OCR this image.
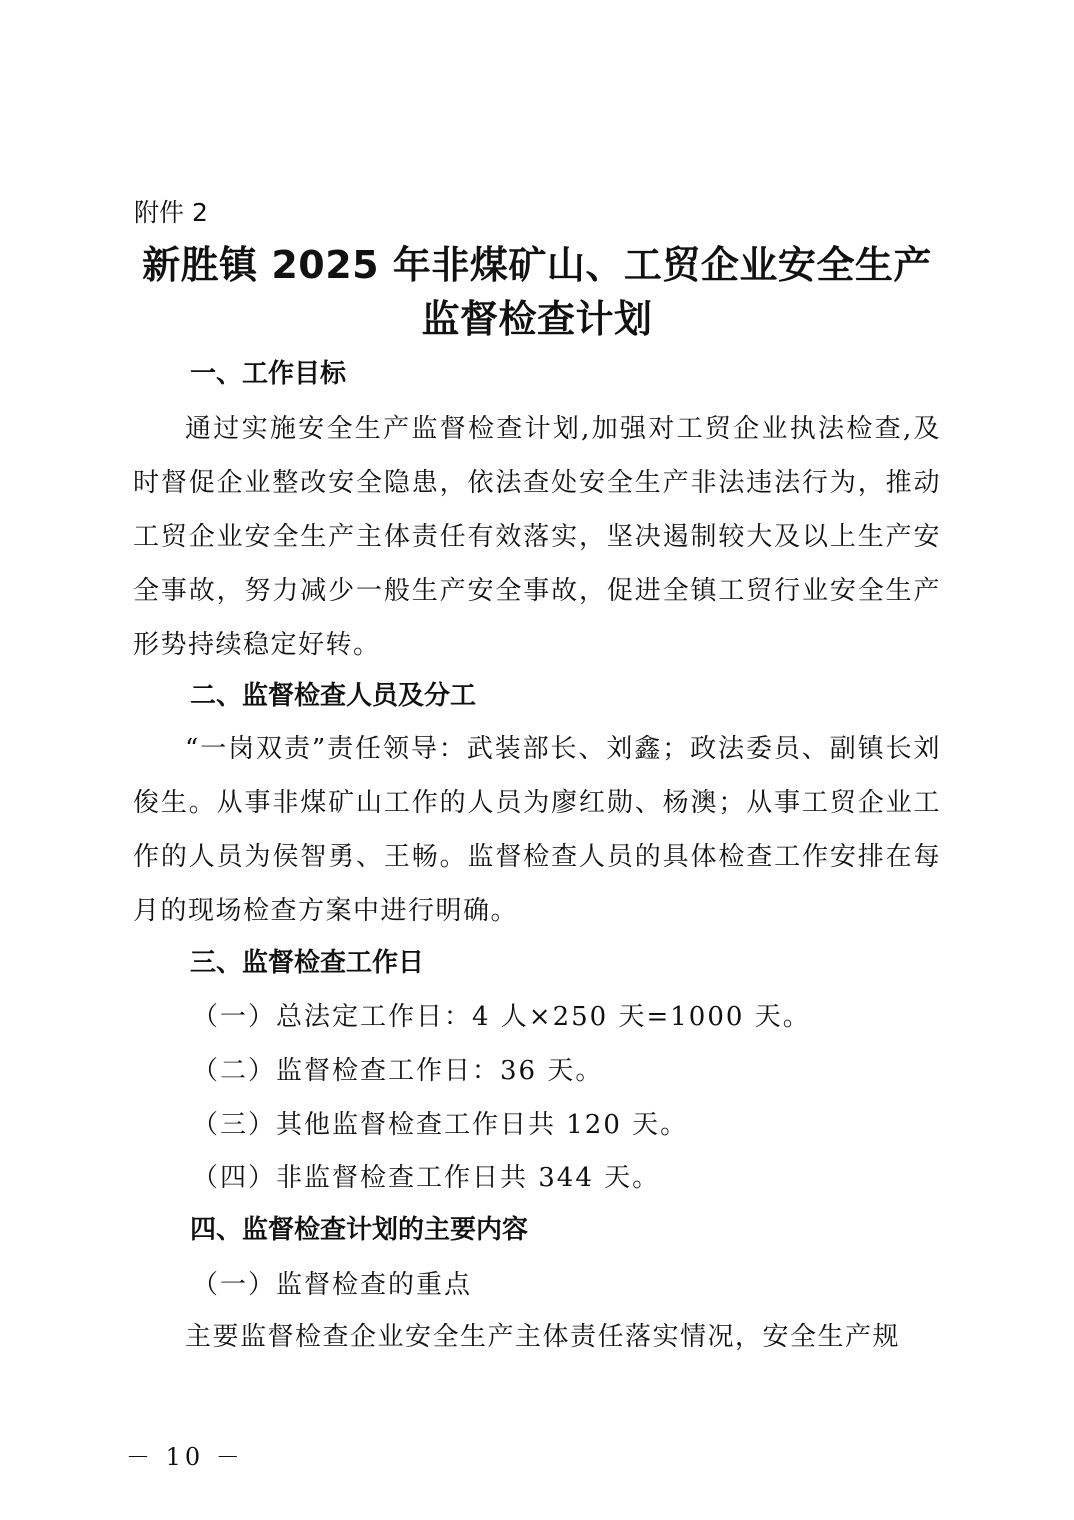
附件 2
新胜镇 2025 年非煤矿山、工贸企业安全生产
监督检查计划
一、工作目标
通过实施安全生产监督检查计划,加强对工贸企业执法检查,及时督促企业整改安全隐患，依法查处安全生产非法违法行为，推动工贸企业安全生产主体责任有效落实，坚决遏制较大及以上生产安全事故，努力减少一般生产安全事故，促进全镇工贸行业安全生产形势持续稳定好转。
二、监督检查人员及分工
“一岗双责”责任领导：武装部长、刘鑫；政法委员、副镇长刘俊生。从事非煤矿山工作的人员为廖红勋、杨澳；从事工贸企业工作的人员为侯智勇、王畅。监督检查人员的具体检查工作安排在每月的现场检查方案中进行明确。
三、监督检查工作日
（一）总法定工作日：4 人×250 天=1000 天。
（二）监督检查工作日：36 天。
（三）其他监督检查工作日共 120 天。
（四）非监督检查工作日共 344 天。
四、监督检查计划的主要内容
（一）监督检查的重点
主要监督检查企业安全生产主体责任落实情况，安全生产规
－ 10 －
